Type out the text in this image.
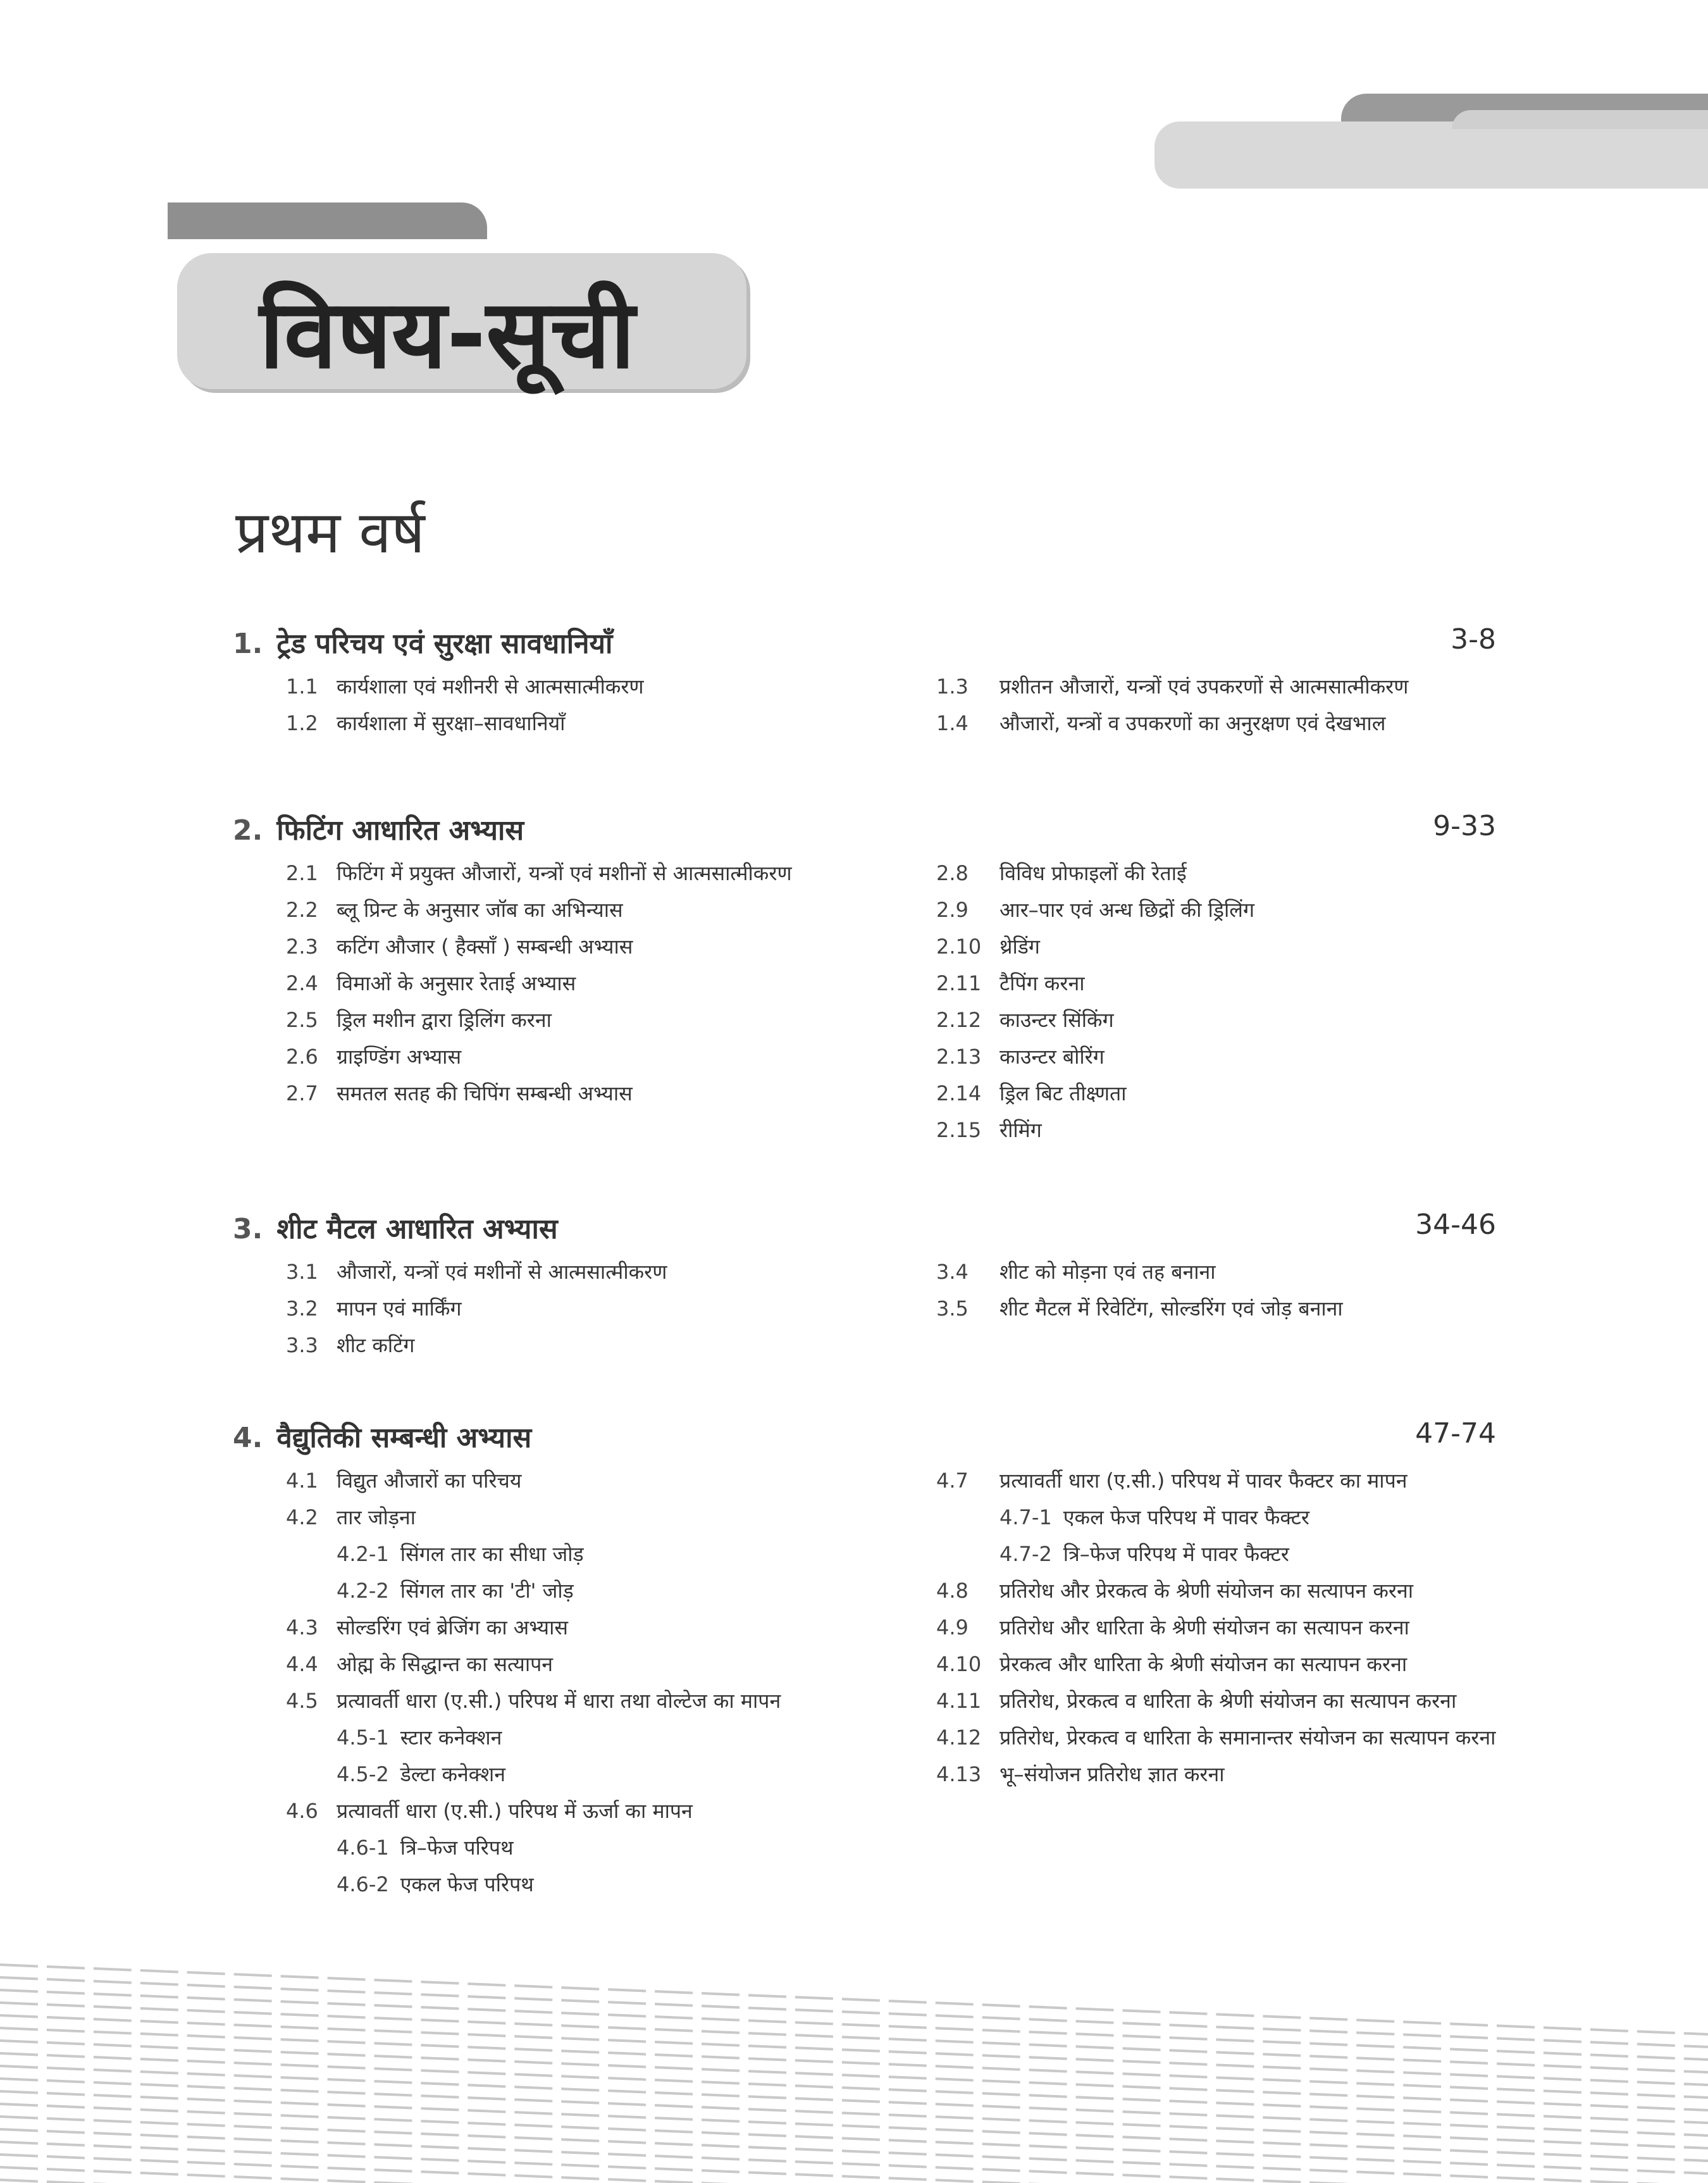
विषय-सूची
प्रथम वर्ष
1. ट्रेड परिचय एवं सुरक्षा सावधानियाँ	3-8
1.1 कार्यशाला एवं मशीनरी से आत्मसात्मीकरण
1.2 कार्यशाला में सुरक्षा–सावधानियाँ
1.3 प्रशीतन औजारों, यन्त्रों एवं उपकरणों से आत्मसात्मीकरण
1.4 औजारों, यन्त्रों व उपकरणों का अनुरक्षण एवं देखभाल
2. फिटिंग आधारित अभ्यास	9-33
2.1 फिटिंग में प्रयुक्त औजारों, यन्त्रों एवं मशीनों से आत्मसात्मीकरण
2.2 ब्लू प्रिन्ट के अनुसार जॉब का अभिन्यास
2.3 कटिंग औजार ( हैक्साँ ) सम्बन्धी अभ्यास
2.4 विमाओं के अनुसार रेताई अभ्यास
2.5 ड्रिल मशीन द्वारा ड्रिलिंग करना
2.6 ग्राइण्डिंग अभ्यास
2.7 समतल सतह की चिपिंग सम्बन्धी अभ्यास
2.8 विविध प्रोफाइलों की रेताई
2.9 आर–पार एवं अन्ध छिद्रों की ड्रिलिंग
2.10 थ्रेडिंग
2.11 टैपिंग करना
2.12 काउन्टर सिंकिंग
2.13 काउन्टर बोरिंग
2.14 ड्रिल बिट तीक्ष्णता
2.15 रीमिंग
3. शीट मैटल आधारित अभ्यास	34-46
3.1 औजारों, यन्त्रों एवं मशीनों से आत्मसात्मीकरण
3.2 मापन एवं मार्किंग
3.3 शीट कटिंग
3.4 शीट को मोड़ना एवं तह बनाना
3.5 शीट मैटल में रिवेटिंग, सोल्डरिंग एवं जोड़ बनाना
4. वैद्युतिकी सम्बन्धी अभ्यास	47-74
4.1 विद्युत औजारों का परिचय
4.2 तार जोड़ना
4.2-1 सिंगल तार का सीधा जोड़
4.2-2 सिंगल तार का 'टी' जोड़
4.3 सोल्डरिंग एवं ब्रेजिंग का अभ्यास
4.4 ओह्म के सिद्धान्त का सत्यापन
4.5 प्रत्यावर्ती धारा (ए.सी.) परिपथ में धारा तथा वोल्टेज का मापन
4.5-1 स्टार कनेक्शन
4.5-2 डेल्टा कनेक्शन
4.6 प्रत्यावर्ती धारा (ए.सी.) परिपथ में ऊर्जा का मापन
4.6-1 त्रि–फेज परिपथ
4.6-2 एकल फेज परिपथ
4.7 प्रत्यावर्ती धारा (ए.सी.) परिपथ में पावर फैक्टर का मापन
4.7-1 एकल फेज परिपथ में पावर फैक्टर
4.7-2 त्रि–फेज परिपथ में पावर फैक्टर
4.8 प्रतिरोध और प्रेरकत्व के श्रेणी संयोजन का सत्यापन करना
4.9 प्रतिरोध और धारिता के श्रेणी संयोजन का सत्यापन करना
4.10 प्रेरकत्व और धारिता के श्रेणी संयोजन का सत्यापन करना
4.11 प्रतिरोध, प्रेरकत्व व धारिता के श्रेणी संयोजन का सत्यापन करना
4.12 प्रतिरोध, प्रेरकत्व व धारिता के समानान्तर संयोजन का सत्यापन करना
4.13 भू–संयोजन प्रतिरोध ज्ञात करना
